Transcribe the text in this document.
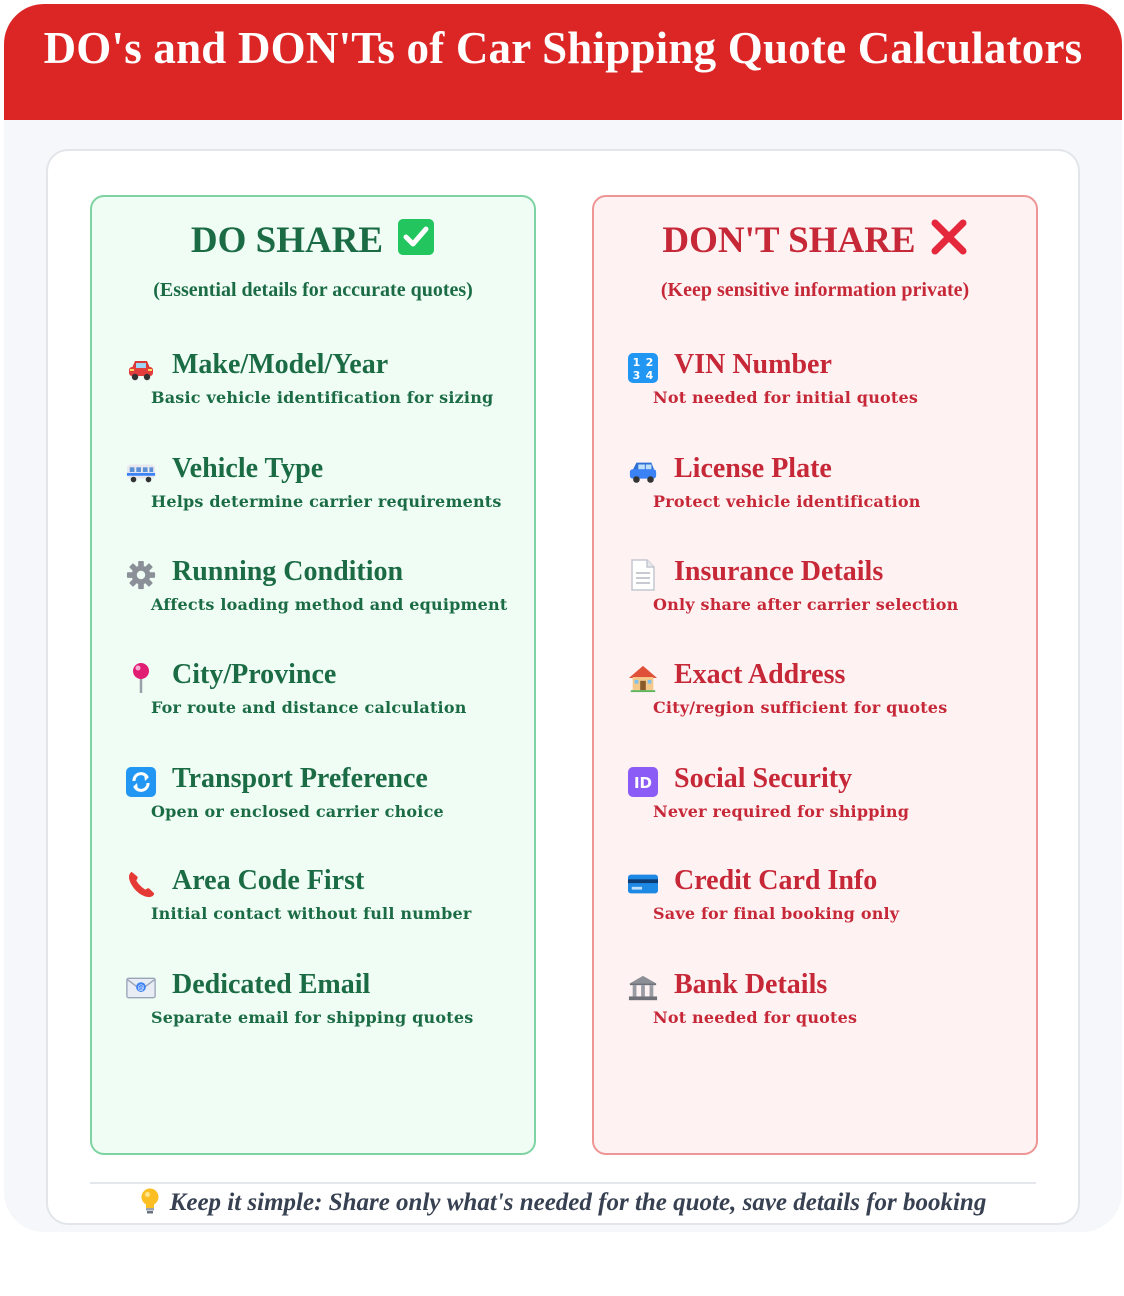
DO's and DON'Ts of Car Shipping Quote Calculators
DO SHARE
(Essential details for accurate quotes)
Make/Model/Year
Basic vehicle identification for sizing
Vehicle Type
Helps determine carrier requirements
Running Condition
Affects loading method and equipment
City/Province
For route and distance calculation
Transport Preference
Open or enclosed carrier choice
Area Code First
Initial contact without full number
@ Dedicated Email
Separate email for shipping quotes
DON'T SHARE
(Keep sensitive information private)
1 2
3 4 VIN Number
Not needed for initial quotes
License Plate
Protect vehicle identification
Insurance Details
Only share after carrier selection
Exact Address
City/region sufficient for quotes
ID Social Security
Never required for shipping
Credit Card Info
Save for final booking only
Bank Details
Not needed for quotes
Keep it simple: Share only what's needed for the quote, save details for booking
